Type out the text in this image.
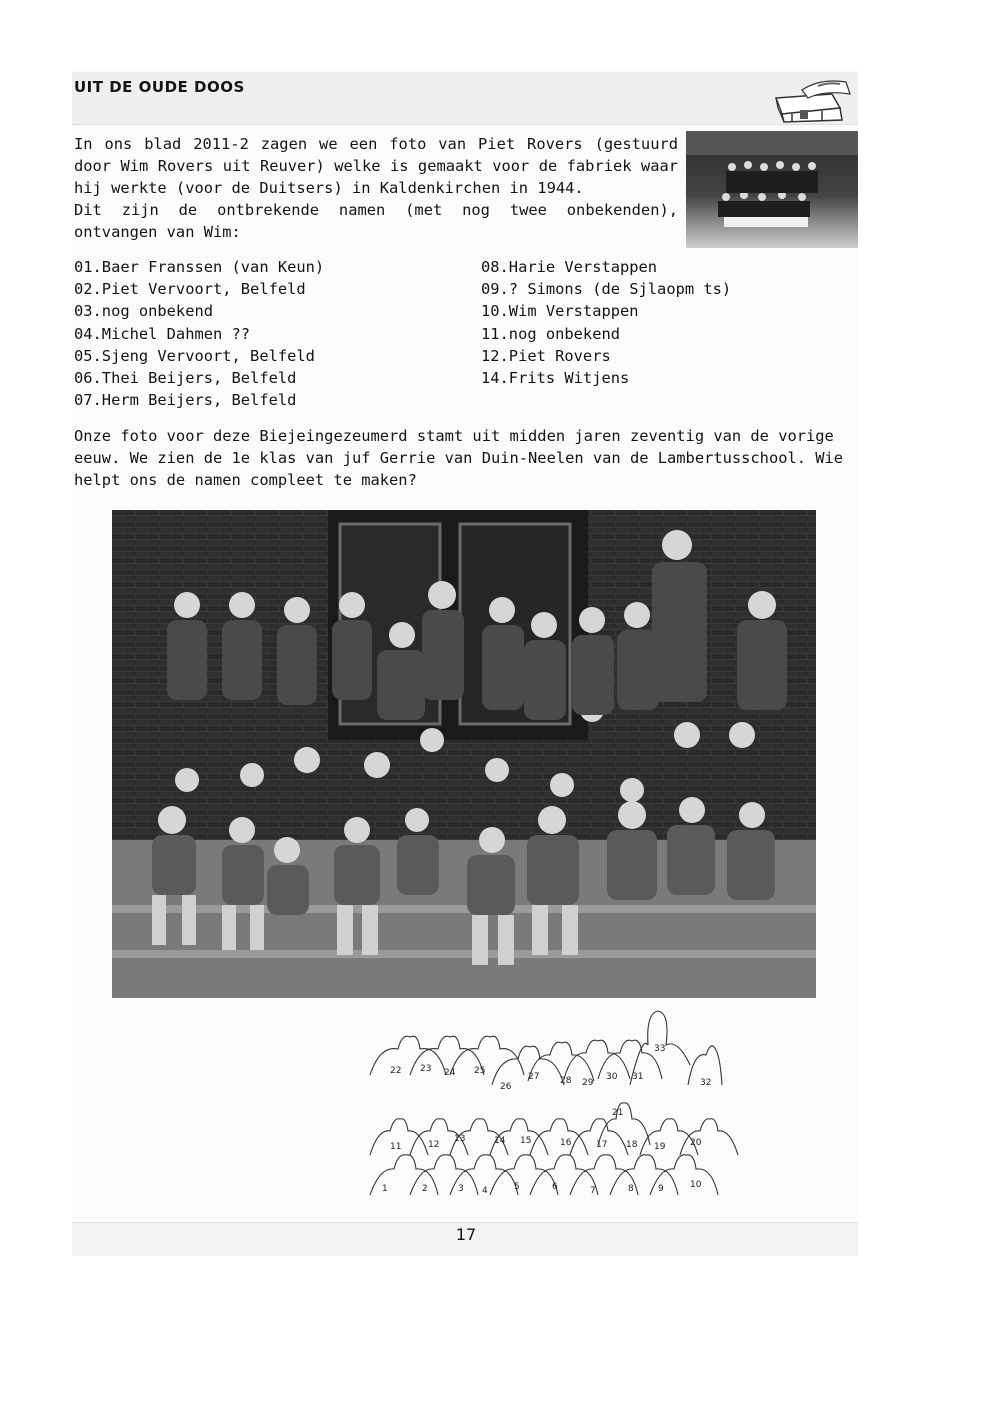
UIT DE OUDE DOOS

In ons blad 2011-2 zagen we een foto van Piet Rovers (gestuurd door Wim Rovers uit Reuver) welke is gemaakt voor de fabriek waar hij werkte (voor de Duitsers) in Kaldenkirchen in 1944.

Dit zijn de ontbrekende namen (met nog twee onbekenden), ontvangen van Wim:

01.Baer Franssen (van Keun)
02.Piet Vervoort, Belfeld
03.nog onbekend
04.Michel Dahmen ??
05.Sjeng Vervoort, Belfeld
06.Thei Beijers, Belfeld
07.Herm Beijers, Belfeld
08.Harie Verstappen
09.? Simons (de Sjlaopm ts)
10.Wim Verstappen
11.nog onbekend
12.Piet Rovers
14.Frits Witjens

Onze foto voor deze Biejeingezeumerd stamt uit midden jaren zeventig van de vorige eeuw. We zien de 1e klas van juf Gerrie van Duin-Neelen van de Lambertusschool. Wie helpt ons de namen compleet te maken?

1	2	3 4	5	6	7	8	9	10
11	12
13	14 15	16	17 18 19	20
21
22 23 24 25
26
27 28 29
30 31
32
33
17
